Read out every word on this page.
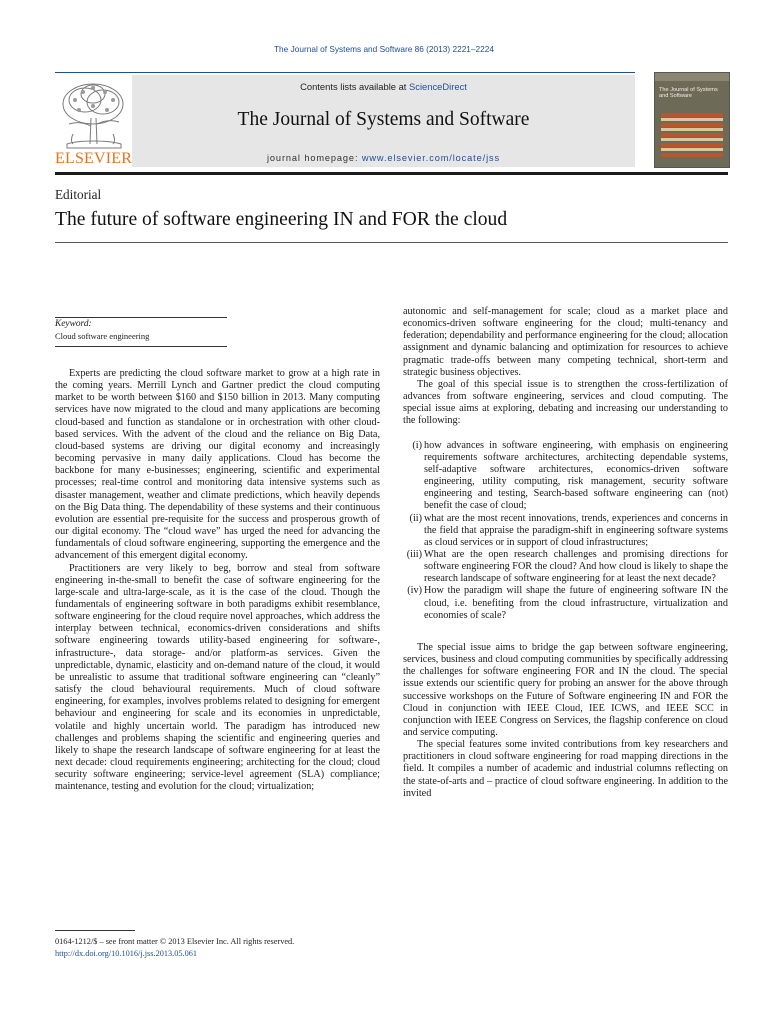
The Journal of Systems and Software 86 (2013) 2221–2224
ELSEVIER
Contents lists available at ScienceDirect
The Journal of Systems and Software
journal homepage: www.elsevier.com/locate/jss
The Journal of Systems and Software
Editorial
The future of software engineering IN and FOR the cloud
Keyword:
Cloud software engineering

Experts are predicting the cloud software market to grow at a high rate in the coming years. Merrill Lynch and Gartner predict the cloud computing market to be worth between $160 and $150 billion in 2013. Many computing services have now migrated to the cloud and many applications are becoming cloud-based and function as standalone or in orchestration with other cloud-based services. With the advent of the cloud and the reliance on Big Data, cloud-based systems are driving our digital economy and increasingly becoming pervasive in many daily applications. Cloud has become the backbone for many e-businesses; engineering, scientific and experimental processes; real-time control and monitoring data intensive systems such as disaster management, weather and climate predictions, which heavily depends on the Big Data thing. The dependability of these systems and their continuous evolution are essential pre-requisite for the success and prosperous growth of our digital economy. The “cloud wave” has urged the need for advancing the fundamentals of cloud software engineering, supporting the emergence and the advancement of this emergent digital economy.

Practitioners are very likely to beg, borrow and steal from software engineering in-the-small to benefit the case of software engineering for the large-scale and ultra-large-scale, as it is the case of the cloud. Though the fundamentals of engineering software in both paradigms exhibit resemblance, software engineering for the cloud require novel approaches, which address the interplay between technical, economics-driven considerations and shifts software engineering towards utility-based engineering for software-, infrastructure-, data storage- and/or platform-as services. Given the unpredictable, dynamic, elasticity and on-demand nature of the cloud, it would be unrealistic to assume that traditional software engineering can “cleanly” satisfy the cloud behavioural requirements. Much of cloud software engineering, for examples, involves problems related to designing for emergent behaviour and engineering for scale and its economies in unpredictable, volatile and highly uncertain world. The paradigm has introduced new challenges and problems shaping the scientific and engineering queries and likely to shape the research landscape of software engineering for at least the next decade: cloud requirements engineering; architecting for the cloud; cloud security software engineering; service-level agreement (SLA) compliance; maintenance, testing and evolution for the cloud; virtualization;

autonomic and self-management for scale; cloud as a market place and economics-driven software engineering for the cloud; multi-tenancy and federation; dependability and performance engineering for the cloud; allocation assignment and dynamic balancing and optimization for resources to achieve pragmatic trade-offs between many competing technical, short-term and strategic business objectives.

The goal of this special issue is to strengthen the cross-fertilization of advances from software engineering, services and cloud computing. The special issue aims at exploring, debating and increasing our understanding to the following:

(i) how advances in software engineering, with emphasis on engineering requirements software architectures, architecting dependable systems, self-adaptive software architectures, economics-driven software engineering, utility computing, risk management, security software engineering and testing, Search-based software engineering can (not) benefit the case of cloud;
(ii) what are the most recent innovations, trends, experiences and concerns in the field that appraise the paradigm-shift in engineering software systems as cloud services or in support of cloud infrastructures;
(iii) What are the open research challenges and promising directions for software engineering FOR the cloud? And how cloud is likely to shape the research landscape of software engineering for at least the next decade?
(iv) How the paradigm will shape the future of engineering software IN the cloud, i.e. benefiting from the cloud infrastructure, virtualization and economies of scale?

The special issue aims to bridge the gap between software engineering, services, business and cloud computing communities by specifically addressing the challenges for software engineering FOR and IN the cloud. The special issue extends our scientific query for probing an answer for the above through successive workshops on the Future of Software engineering IN and FOR the Cloud in conjunction with IEEE Cloud, IEE ICWS, and IEEE SCC in conjunction with IEEE Congress on Services, the flagship conference on cloud and service computing.

The special features some invited contributions from key researchers and practitioners in cloud software engineering for road mapping directions in the field. It compiles a number of academic and industrial columns reflecting on the state-of-arts and – practice of cloud software engineering. In addition to the invited

0164-1212/$ – see front matter © 2013 Elsevier Inc. All rights reserved.
http://dx.doi.org/10.1016/j.jss.2013.05.061
